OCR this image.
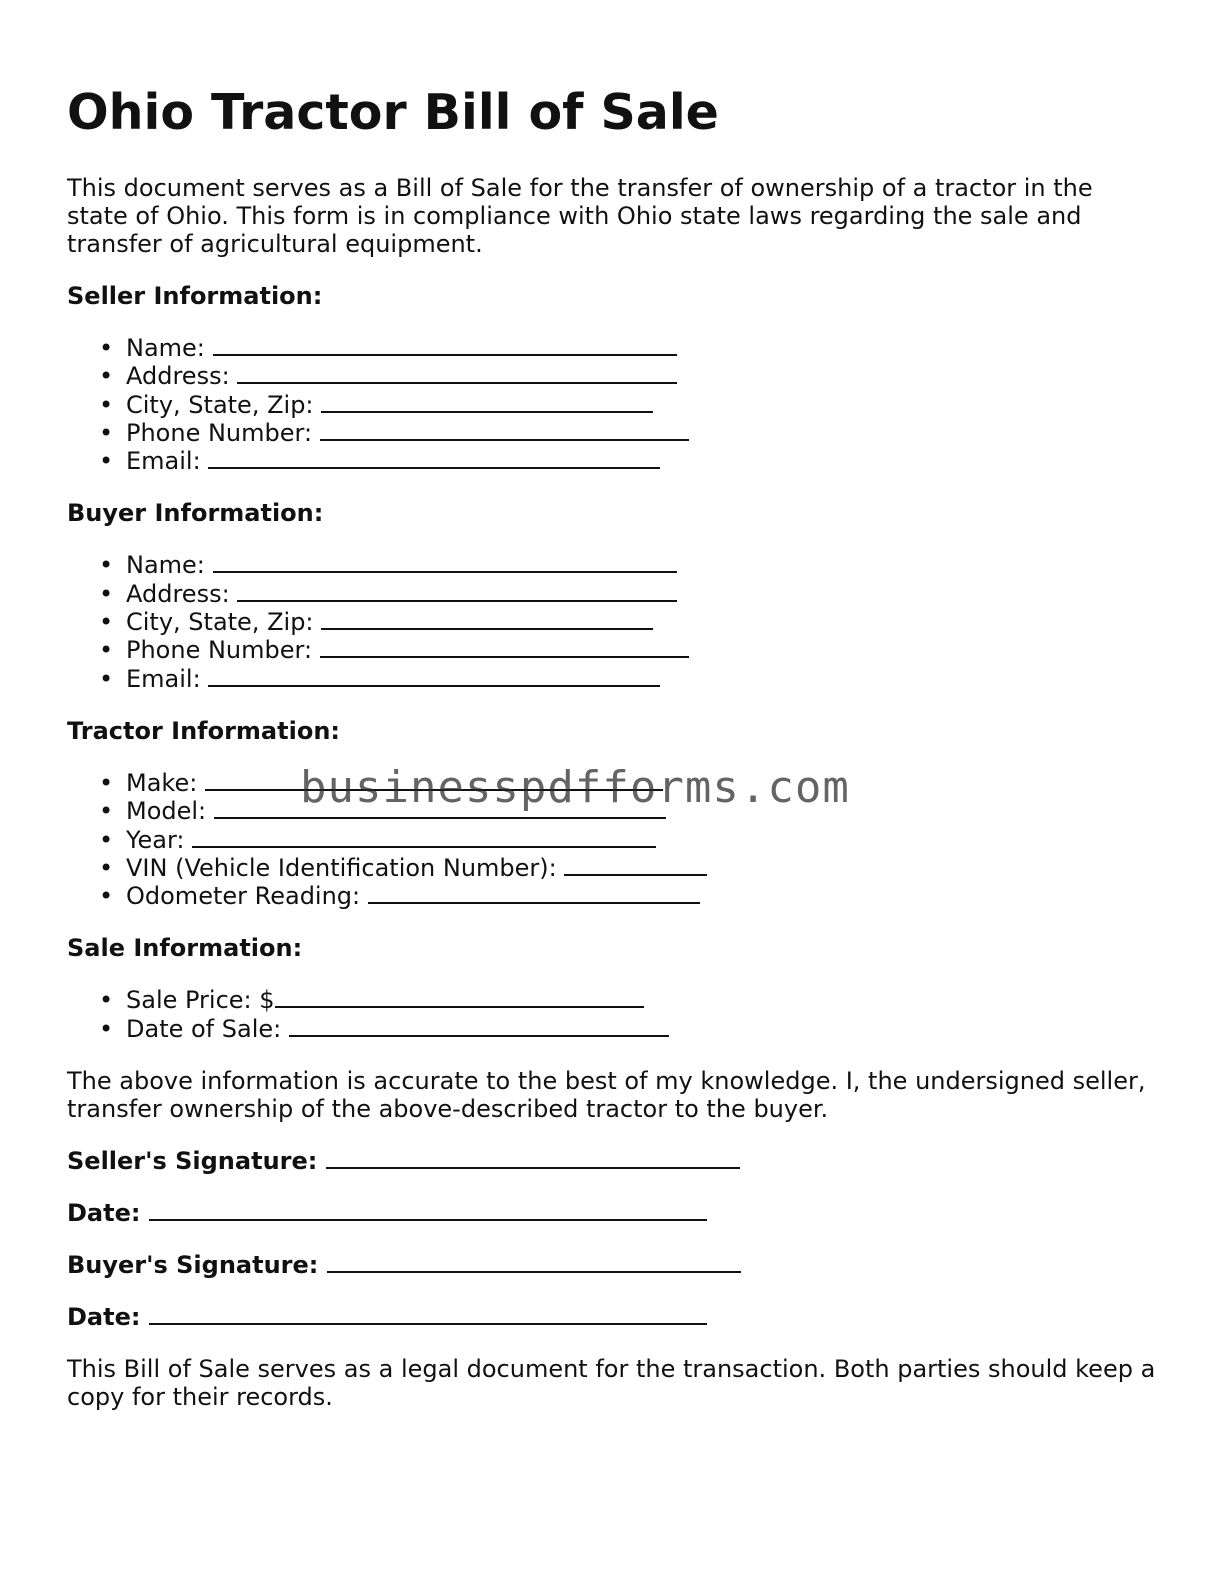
Ohio Tractor Bill of Sale

This document serves as a Bill of Sale for the transfer of ownership of a tractor in the state of Ohio. This form is in compliance with Ohio state laws regarding the sale and transfer of agricultural equipment.

Seller Information:

• Name:
• Address:
• City, State, Zip:
• Phone Number:
• Email:

Buyer Information:

• Name:
• Address:
• City, State, Zip:
• Phone Number:
• Email:

Tractor Information:

• Make:
• Model:
• Year:
• VIN (Vehicle Identification Number):
• Odometer Reading:

Sale Information:

• Sale Price: $
• Date of Sale:

The above information is accurate to the best of my knowledge. I, the undersigned seller, transfer ownership of the above-described tractor to the buyer.

Seller's Signature:

Date:

Buyer's Signature:

Date:

This Bill of Sale serves as a legal document for the transaction. Both parties should keep a copy for their records.

businesspdfforms.com
